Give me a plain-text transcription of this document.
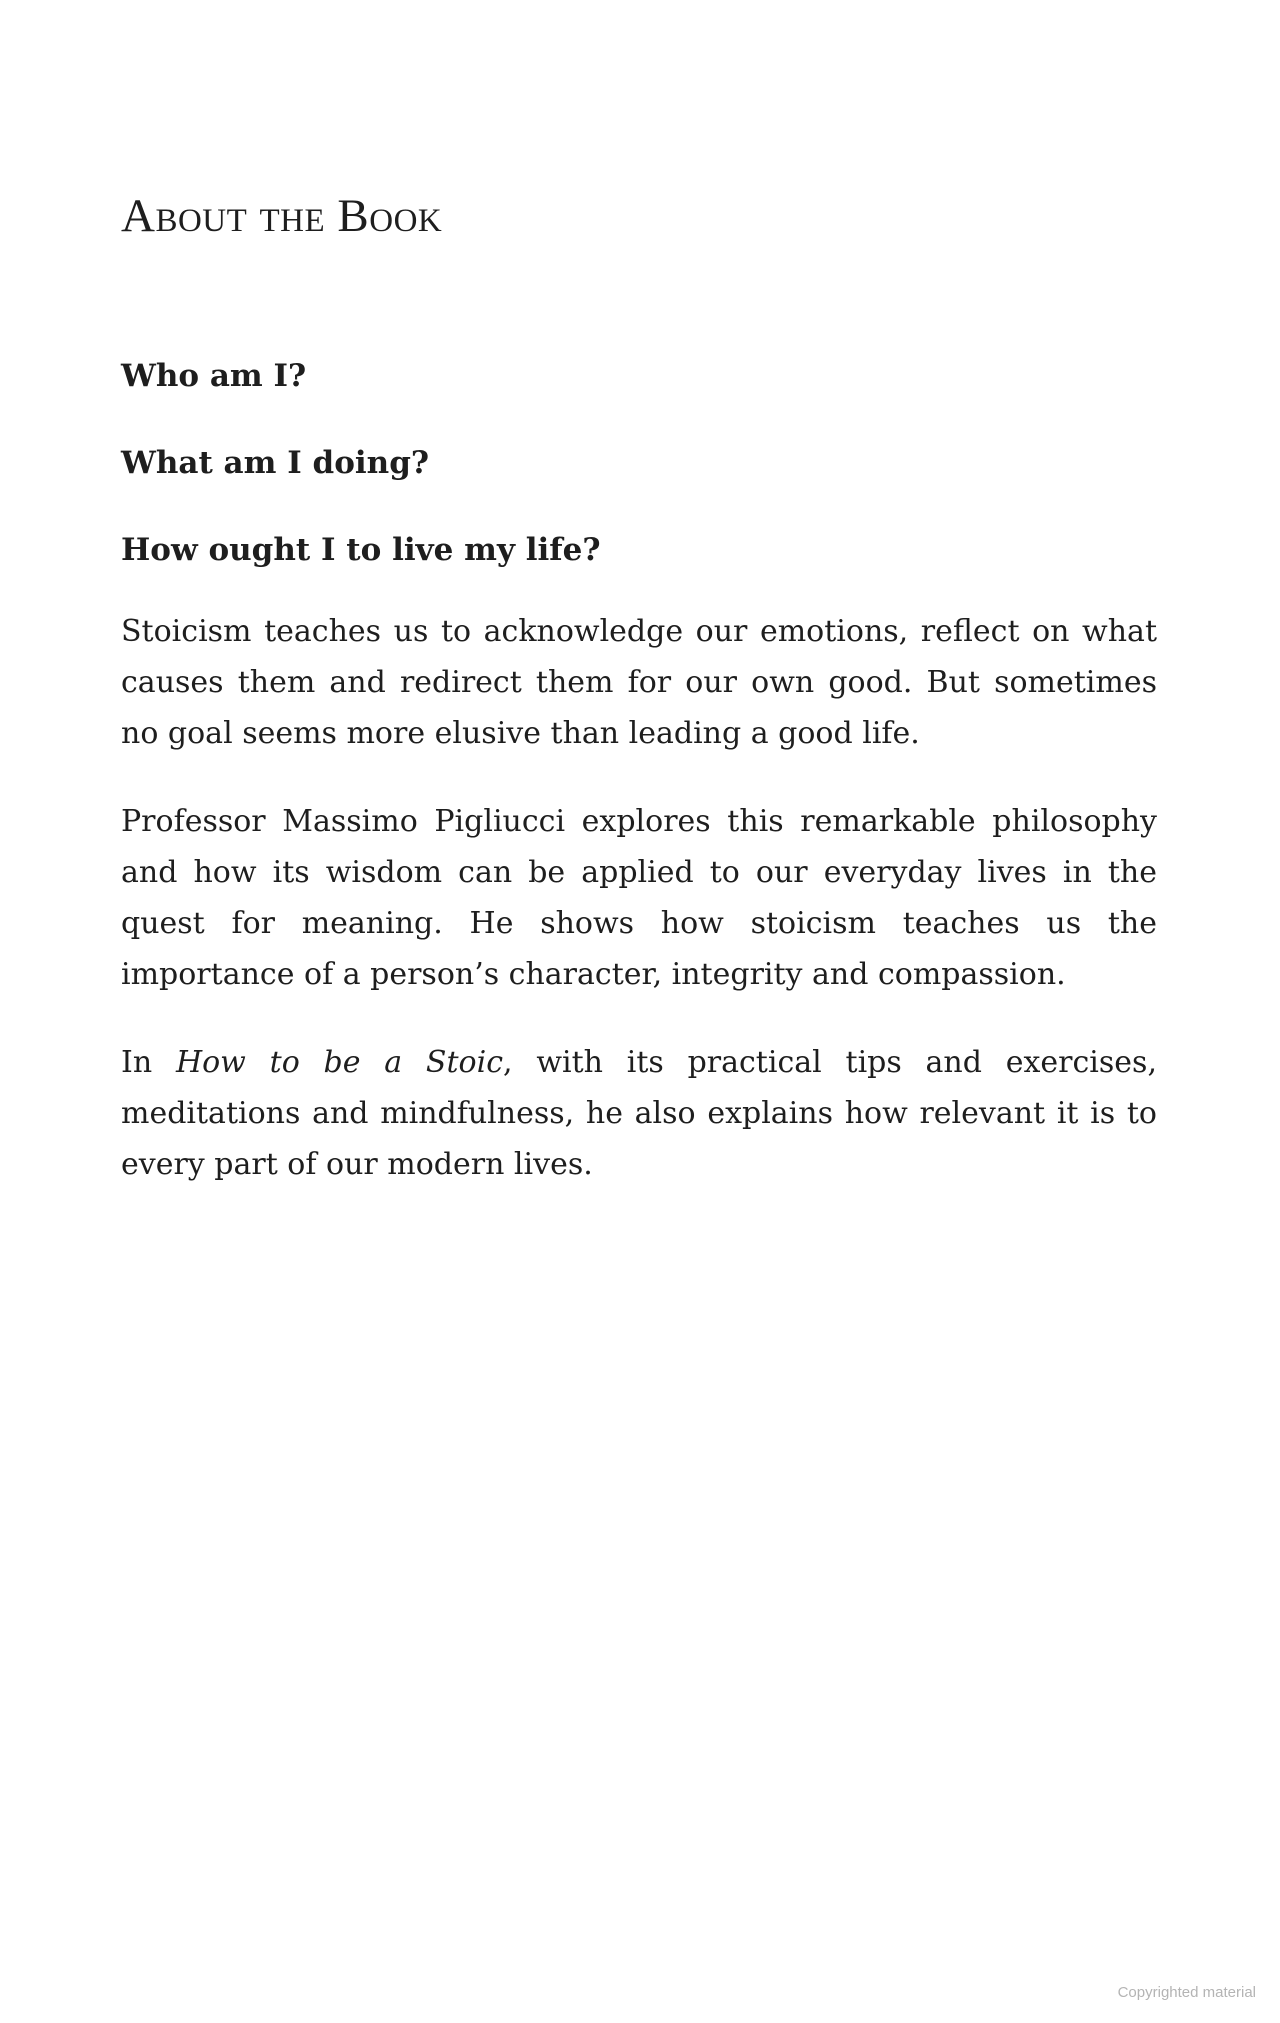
About the Book

Who am I?

What am I doing?

How ought I to live my life?

Stoicism teaches us to acknowledge our emotions, reflect on what causes them and redirect them for our own good. But sometimes no goal seems more elusive than leading a good life.

Professor Massimo Pigliucci explores this remarkable philosophy and how its wisdom can be applied to our everyday lives in the quest for meaning. He shows how stoicism teaches us the importance of a person’s character, integrity and compassion.

In How to be a Stoic, with its practical tips and exercises, meditations and mindfulness, he also explains how relevant it is to every part of our modern lives.

Copyrighted material
